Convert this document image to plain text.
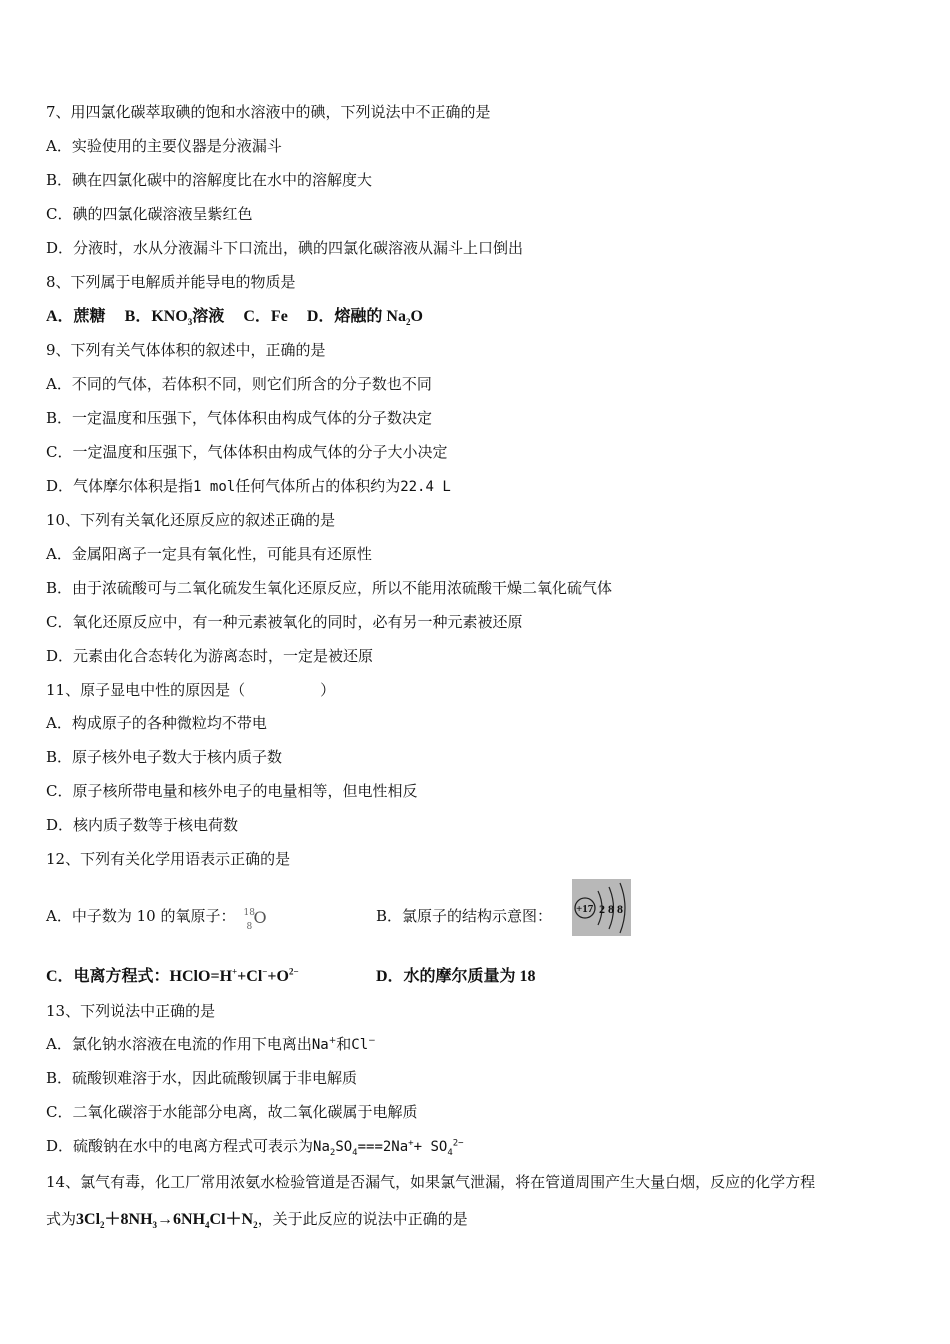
7、用四氯化碳萃取碘的饱和水溶液中的碘，下列说法中不正确的是
A．实验使用的主要仪器是分液漏斗
B．碘在四氯化碳中的溶解度比在水中的溶解度大
C．碘的四氯化碳溶液呈紫红色
D．分液时，水从分液漏斗下口流出，碘的四氯化碳溶液从漏斗上口倒出
8、下列属于电解质并能导电的物质是
A．蔗糖 B．$KNO_3$溶液 C．Fe D．熔融的 $Na_2O$
9、下列有关气体体积的叙述中，正确的是
A．不同的气体，若体积不同，则它们所含的分子数也不同
B．一定温度和压强下，气体体积由构成气体的分子数决定
C．一定温度和压强下，气体体积由构成气体的分子大小决定
D．气体摩尔体积是指1 mol任何气体所占的体积约为22.4 L
10、下列有关氧化还原反应的叙述正确的是
A．金属阳离子一定具有氧化性，可能具有还原性
B．由于浓硫酸可与二氧化硫发生氧化还原反应，所以不能用浓硫酸干燥二氧化硫气体
C．氧化还原反应中，有一种元素被氧化的同时，必有另一种元素被还原
D．元素由化合态转化为游离态时，一定是被还原
11、原子显电中性的原因是（　　　　　）
A．构成原子的各种微粒均不带电
B．原子核外电子数大于核内质子数
C．原子核所带电量和核外电子的电量相等，但电性相反
D．核内质子数等于核电荷数
12、下列有关化学用语表示正确的是
A．中子数为 10 的氧原子： 18
8 O	B．氯原子的结构示意图： +17 2 8 8
C．电离方程式：$HClO=H^++Cl^-+O^{2-}$	D．水的摩尔质量为 18
13、下列说法中正确的是
A．氯化钠水溶液在电流的作用下电离出Na+和Cl−
B．硫酸钡难溶于水，因此硫酸钡属于非电解质
C．二氧化碳溶于水能部分电离，故二氧化碳属于电解质
D．硫酸钠在水中的电离方程式可表示为$Na_2SO_4===2Na^++ SO_4^{2-}$
14、氯气有毒，化工厂常用浓氨水检验管道是否漏气，如果氯气泄漏，将在管道周围产生大量白烟，反应的化学方程
式为$3Cl_2+8NH_3\to 6NH_4Cl+N_2$，关于此反应的说法中正确的是
